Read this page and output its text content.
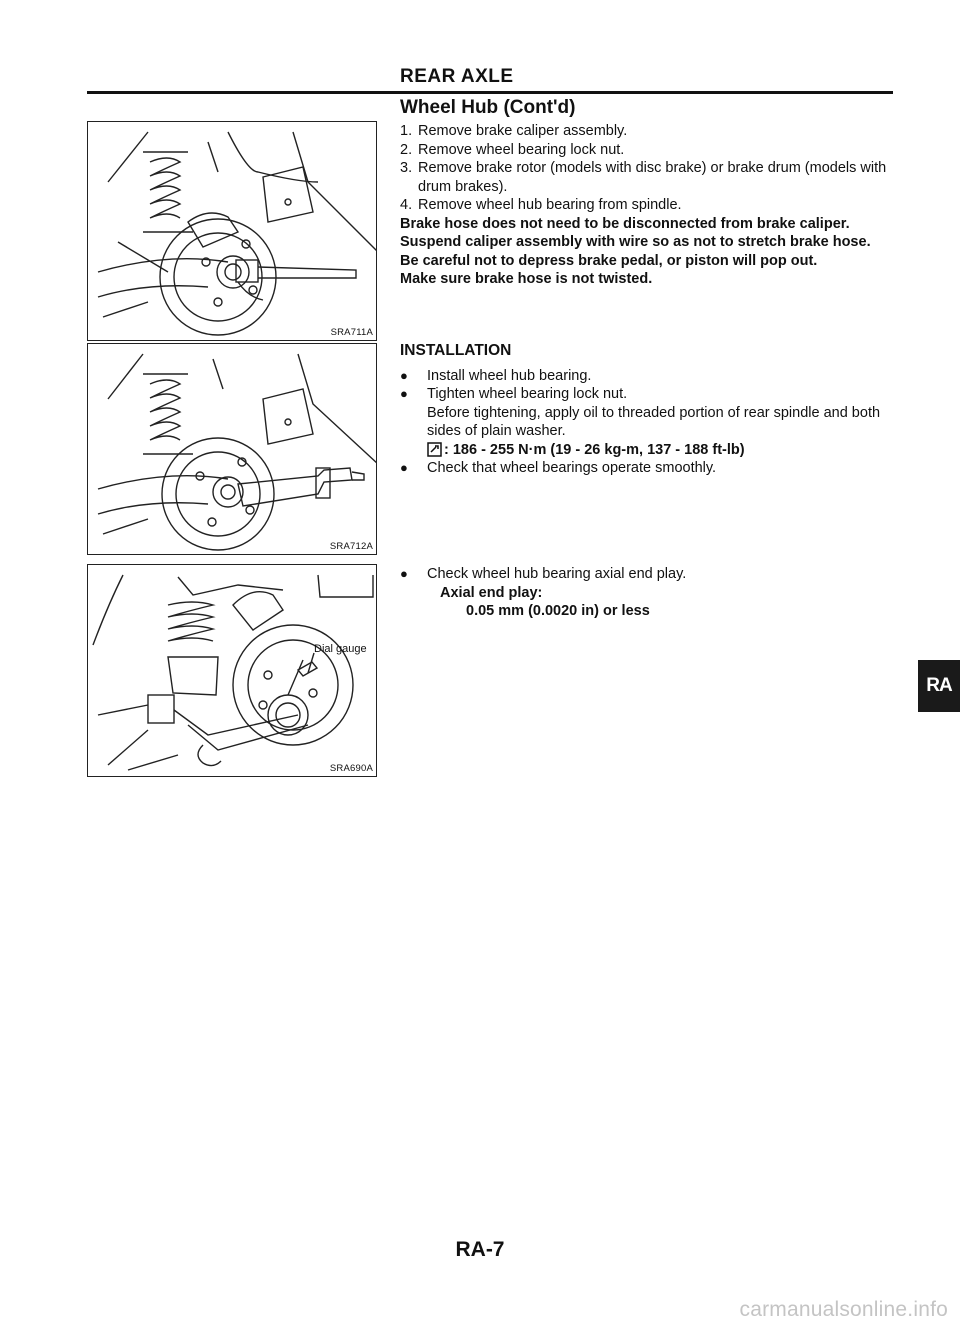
REAR AXLE
Wheel Hub (Cont'd)
SRA711A
SRA712A
Dial gauge
SRA690A
1. Remove brake caliper assembly.
2. Remove wheel bearing lock nut.
3. Remove brake rotor (models with disc brake) or brake drum (models with drum brakes).
4. Remove wheel hub bearing from spindle.

Brake hose does not need to be disconnected from brake caliper.

Suspend caliper assembly with wire so as not to stretch brake hose.

Be careful not to depress brake pedal, or piston will pop out.

Make sure brake hose is not twisted.

INSTALLATION
●	Install wheel hub bearing.
●	Tighten wheel bearing lock nut.

Before tightening, apply oil to threaded portion of rear spindle and both sides of plain washer.

: 186 - 255 N·m (19 - 26 kg-m, 137 - 188 ft-lb)
●	Check that wheel bearings operate smoothly.
●	Check wheel hub bearing axial end play.

Axial end play:

0.05 mm (0.0020 in) or less

RA
RA-7
carmanualsonline.info
